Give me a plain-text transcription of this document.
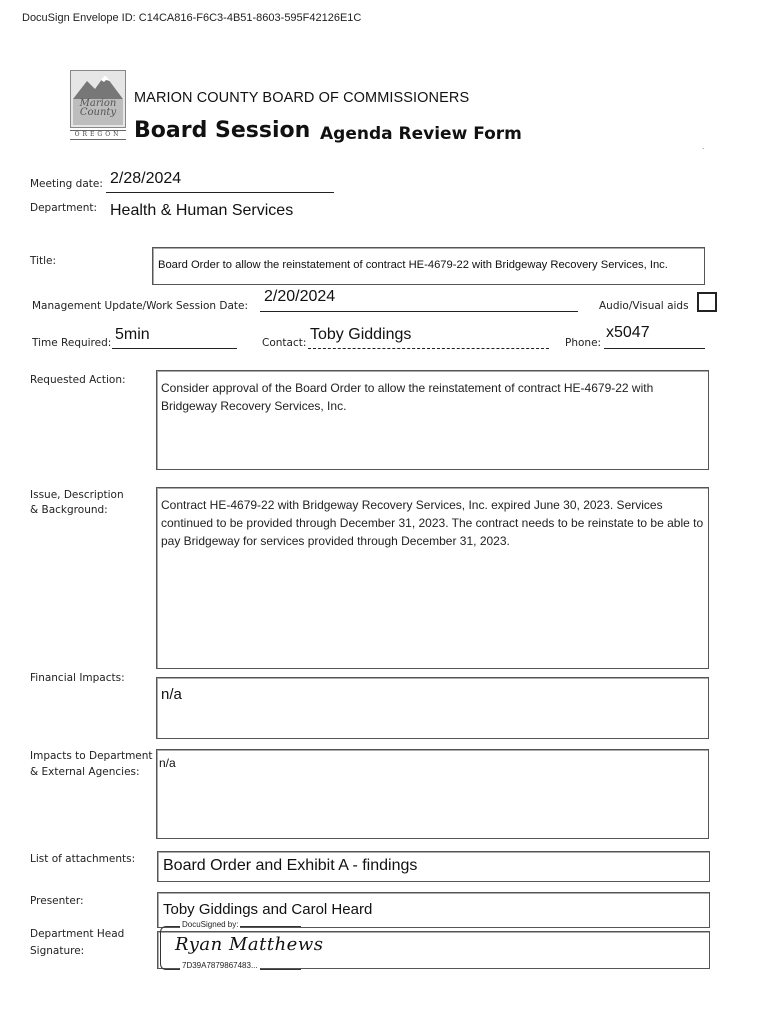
DocuSign Envelope ID: C14CA816-F6C3-4B51-8603-595F42126E1C
Marion County
OREGON
MARION COUNTY BOARD OF COMMISSIONERS
Board Session Agenda Review Form
.
Meeting date: 2/28/2024
Department: Health & Human Services
Title:	Board Order to allow the reinstatement of contract HE-4679-22 with Bridgeway Recovery Services, Inc.
Management Update/Work Session Date:
2/20/2024
Audio/Visual aids
Time Required: 5min	Contact: Toby Giddings	Phone:
x5047
Requested Action:
Consider approval of the Board Order to allow the reinstatement of contract HE-4679-22 with Bridgeway Recovery Services, Inc.
Issue, Description
& Background:	Contract HE-4679-22 with Bridgeway Recovery Services, Inc. expired June 30, 2023. Services continued to be provided through December 31, 2023. The contract needs to be reinstate to be able to pay Bridgeway for services provided through December 31, 2023.
Financial Impacts:
n/a
Impacts to Department
& External Agencies:
n/a
List of attachments: Board Order and Exhibit A - findings
Presenter:	Toby Giddings and Carol Heard
Department Head
Signature:
DocuSigned by:
Ryan Matthews
7D39A7879867483...
